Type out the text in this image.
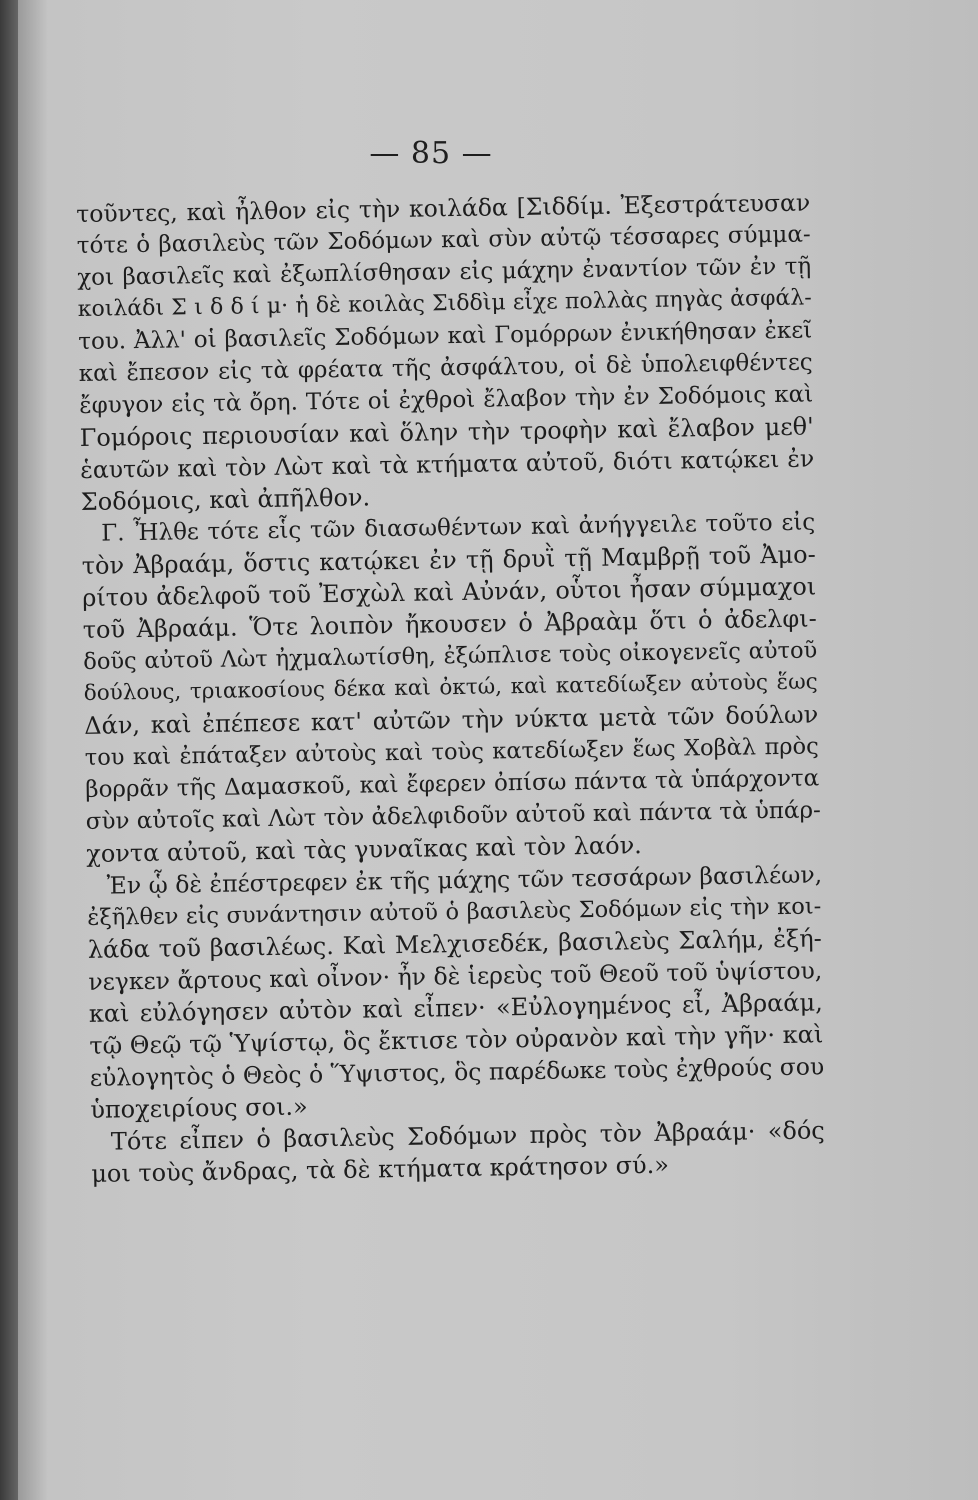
— 85 —
τοῦντες, καὶ ἦλθον εἰς τὴν κοιλάδα [Σιδδίμ. Ἐξεστράτευσαν
τότε ὁ βασιλεὺς τῶν Σοδόμων καὶ σὺν αὐτῷ τέσσαρες σύμμα-
χοι βασιλεῖς καὶ ἐξωπλίσθησαν εἰς μάχην ἐναντίον τῶν ἐν τῇ
κοιλάδι Σ ι δ δ ί μ· ἡ δὲ κοιλὰς Σιδδὶμ εἶχε πολλὰς πηγὰς ἀσφάλ-
του. Ἀλλ' οἱ βασιλεῖς Σοδόμων καὶ Γομόρρων ἐνικήθησαν ἐκεῖ
καὶ ἔπεσον εἰς τὰ φρέατα τῆς ἀσφάλτου, οἱ δὲ ὑπολειφθέντες
ἔφυγον εἰς τὰ ὄρη. Τότε οἱ ἐχθροὶ ἔλαβον τὴν ἐν Σοδόμοις καὶ
Γομόροις περιουσίαν καὶ ὅλην τὴν τροφὴν καὶ ἔλαβον μεθ'
ἑαυτῶν καὶ τὸν Λὼτ καὶ τὰ κτήματα αὐτοῦ, διότι κατῴκει ἐν
Σοδόμοις, καὶ ἀπῆλθον.
Γ. Ἦλθε τότε εἷς τῶν διασωθέντων καὶ ἀνήγγειλε τοῦτο εἰς
τὸν Ἀβραάμ, ὅστις κατῴκει ἐν τῇ δρυῒ τῇ Μαμβρῇ τοῦ Ἀμο-
ρίτου ἀδελφοῦ τοῦ Ἐσχὼλ καὶ Αὐνάν, οὗτοι ἦσαν σύμμαχοι
τοῦ Ἀβραάμ. Ὅτε λοιπὸν ἤκουσεν ὁ Ἀβραὰμ ὅτι ὁ ἀδελφι-
δοῦς αὐτοῦ Λὼτ ἠχμαλωτίσθη, ἐξώπλισε τοὺς οἰκογενεῖς αὐτοῦ
δούλους, τριακοσίους δέκα καὶ ὀκτώ, καὶ κατεδίωξεν αὐτοὺς ἕως
Δάν, καὶ ἐπέπεσε κατ' αὐτῶν τὴν νύκτα μετὰ τῶν δούλων
του καὶ ἐπάταξεν αὐτοὺς καὶ τοὺς κατεδίωξεν ἕως Χοβὰλ πρὸς
βορρᾶν τῆς Δαμασκοῦ, καὶ ἔφερεν ὀπίσω πάντα τὰ ὑπάρχοντα
σὺν αὐτοῖς καὶ Λὼτ τὸν ἀδελφιδοῦν αὐτοῦ καὶ πάντα τὰ ὑπάρ-
χοντα αὐτοῦ, καὶ τὰς γυναῖκας καὶ τὸν λαόν.
Ἐν ᾧ δὲ ἐπέστρεφεν ἐκ τῆς μάχης τῶν τεσσάρων βασιλέων,
ἐξῆλθεν εἰς συνάντησιν αὐτοῦ ὁ βασιλεὺς Σοδόμων εἰς τὴν κοι-
λάδα τοῦ βασιλέως. Καὶ Μελχισεδέκ, βασιλεὺς Σαλήμ, ἐξή-
νεγκεν ἄρτους καὶ οἶνον· ἦν δὲ ἱερεὺς τοῦ Θεοῦ τοῦ ὑψίστου,
καὶ εὐλόγησεν αὐτὸν καὶ εἶπεν· «Εὐλογημένος εἶ, Ἀβραάμ,
τῷ Θεῷ τῷ Ὑψίστῳ, ὃς ἔκτισε τὸν οὐρανὸν καὶ τὴν γῆν· καὶ
εὐλογητὸς ὁ Θεὸς ὁ Ὕψιστος, ὃς παρέδωκε τοὺς ἐχθρούς σου
ὑποχειρίους σοι.»
Τότε εἶπεν ὁ βασιλεὺς Σοδόμων πρὸς τὸν Ἀβραάμ· «δός
μοι τοὺς ἄνδρας, τὰ δὲ κτήματα κράτησον σύ.»
